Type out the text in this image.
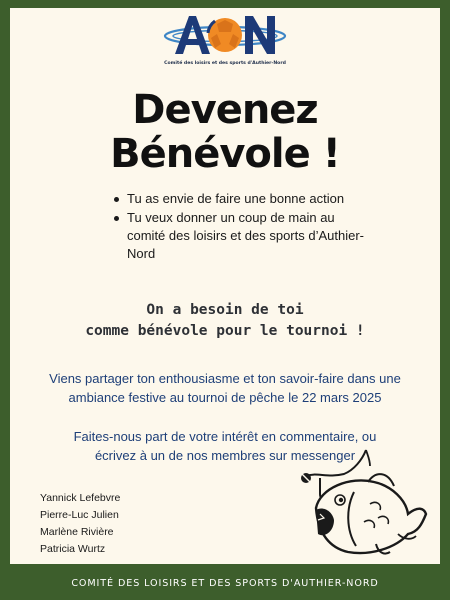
Comité des loisirs et des sports d'Authier-Nord
Devenez
Bénévole !
Tu as envie de faire une bonne action
Tu veux donner un coup de main au comité des loisirs et des sports d’Authier-Nord
On a besoin de toi
comme bénévole pour le tournoi !
Viens partager ton enthousiasme et ton savoir-faire dans une ambiance festive au tournoi de pêche le 22 mars 2025
Faites-nous part de votre intérêt en commentaire, ou écrivez à un de nos membres sur messenger
Yannick Lefebvre
Pierre-Luc Julien
Marlène Rivière
Patricia Wurtz
COMITÉ DES LOISIRS ET DES SPORTS D'AUTHIER-NORD
